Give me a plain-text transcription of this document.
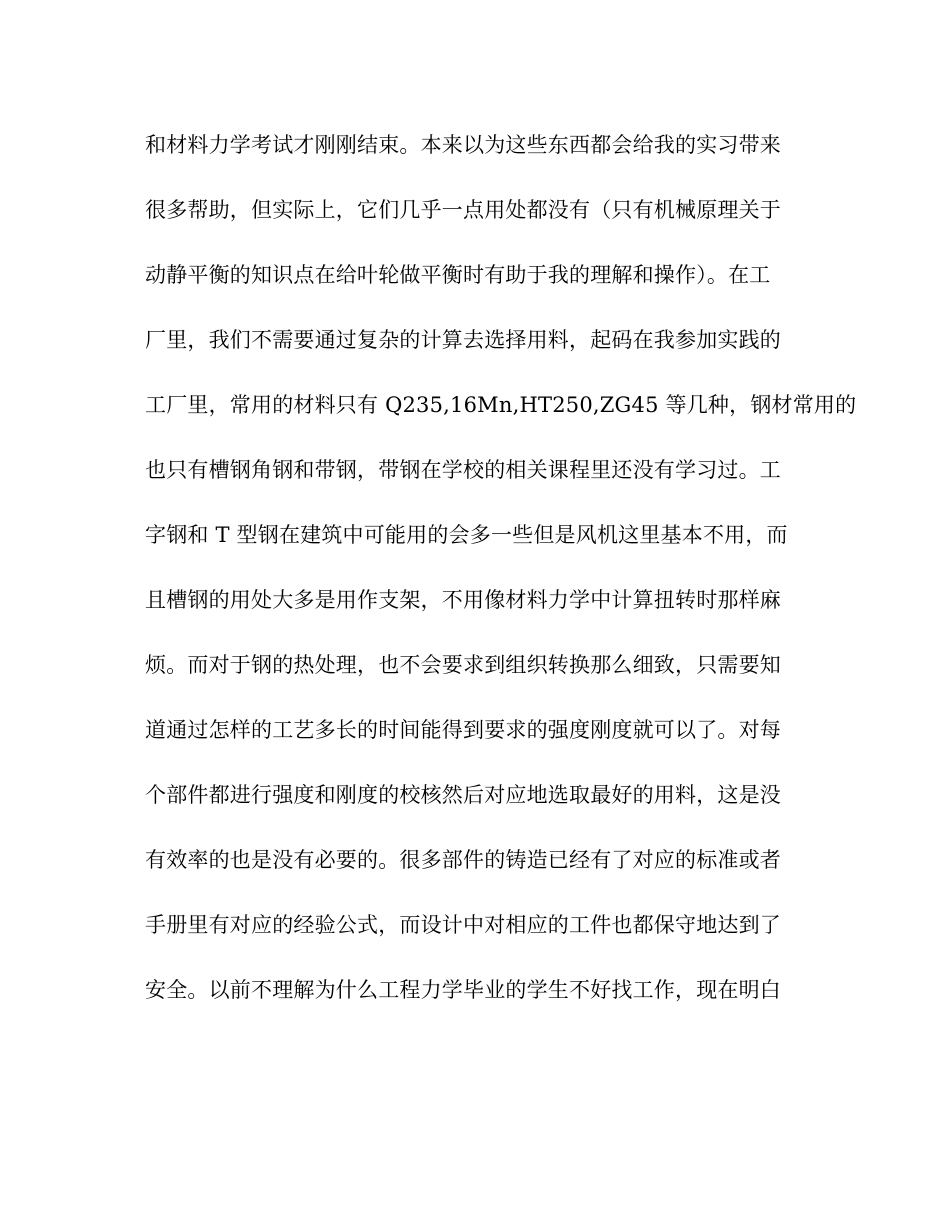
和材料力学考试才刚刚结束。本来以为这些东西都会给我的实习带来
很多帮助，但实际上，它们几乎一点用处都没有（只有机械原理关于
动静平衡的知识点在给叶轮做平衡时有助于我的理解和操作）。在工
厂里，我们不需要通过复杂的计算去选择用料，起码在我参加实践的
工厂里，常用的材料只有 Q235,16Mn,HT250,ZG45 等几种，钢材常用的
也只有槽钢角钢和带钢，带钢在学校的相关课程里还没有学习过。工
字钢和 T 型钢在建筑中可能用的会多一些但是风机这里基本不用，而
且槽钢的用处大多是用作支架，不用像材料力学中计算扭转时那样麻
烦。而对于钢的热处理，也不会要求到组织转换那么细致，只需要知
道通过怎样的工艺多长的时间能得到要求的强度刚度就可以了。对每
个部件都进行强度和刚度的校核然后对应地选取最好的用料，这是没
有效率的也是没有必要的。很多部件的铸造已经有了对应的标准或者
手册里有对应的经验公式，而设计中对相应的工件也都保守地达到了
安全。以前不理解为什么工程力学毕业的学生不好找工作，现在明白
